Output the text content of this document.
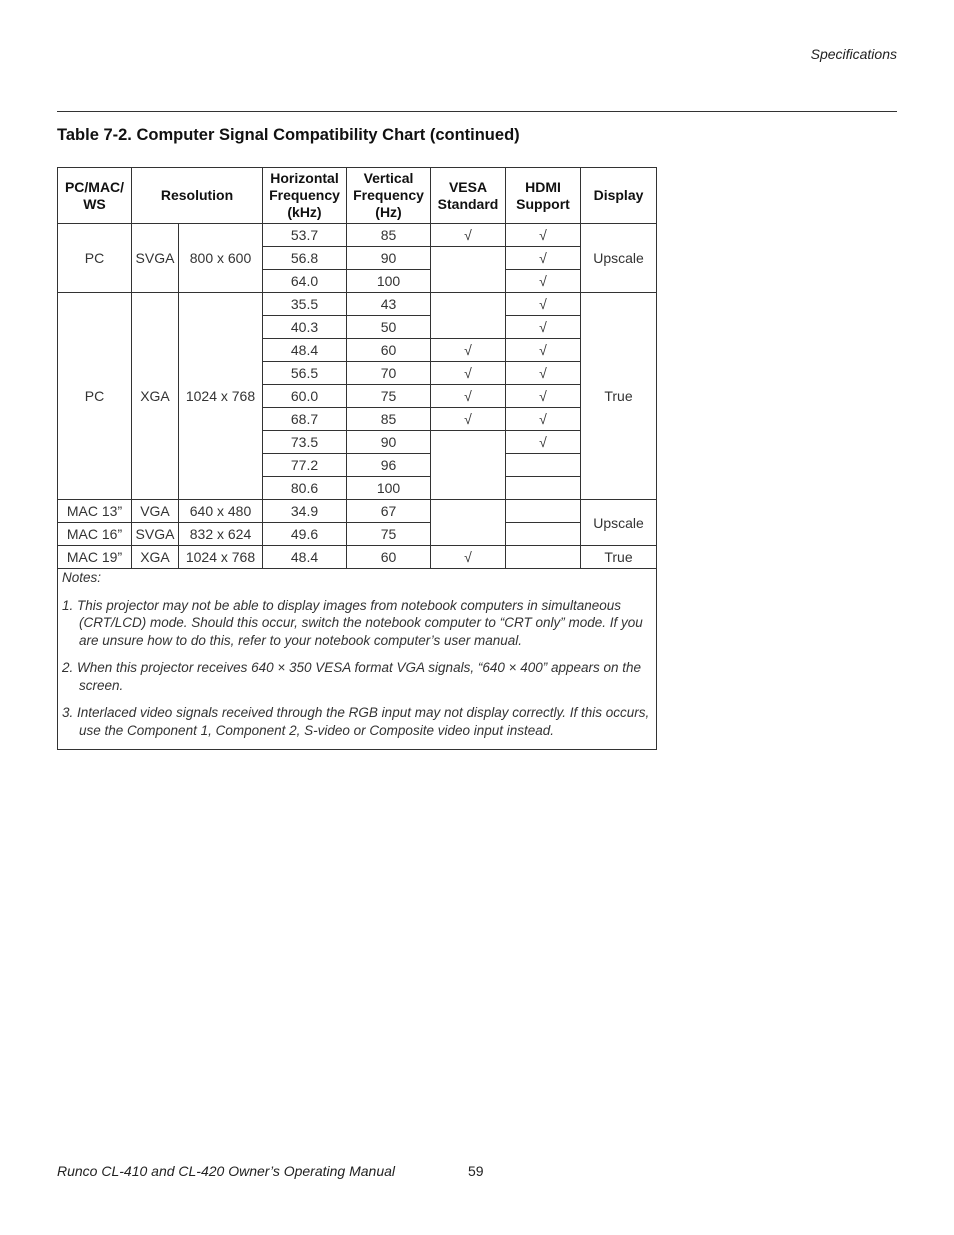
Specifications
Table 7-2. Computer Signal Compatibility Chart (continued)
PC/MAC/ WS	Resolution		Horizontal Frequency (kHz)	Vertical Frequency (Hz)	VESA Standard	HDMI Support	Display
PC	SVGA	800 x 600	53.7	85	√	√	Upscale
			56.8	90		√	
			64.0	100		√	
PC	XGA	1024 x 768	35.5	43		√	True
			40.3	50		√	
			48.4	60	√	√	
			56.5	70	√	√	
			60.0	75	√	√	
			68.7	85	√	√	
			73.5	90		√	
			77.2	96			
			80.6	100			
MAC 13”	VGA	640 x 480	34.9	67			Upscale
MAC 16”	SVGA	832 x 624	49.6	75			
MAC 19”	XGA	1024 x 768	48.4	60	√		True

Notes:

1. This projector may not be able to display images from notebook computers in simultaneous (CRT/LCD) mode. Should this occur, switch the notebook computer to “CRT only” mode. If you are unsure how to do this, refer to your notebook computer’s user manual.

2. When this projector receives 640 × 350 VESA format VGA signals, “640 × 400” appears on the screen.

3. Interlaced video signals received through the RGB input may not display correctly. If this occurs, use the Component 1, Component 2, S-video or Composite video input instead.							

Runco CL-410 and CL-420 Owner’s Operating Manual	59
